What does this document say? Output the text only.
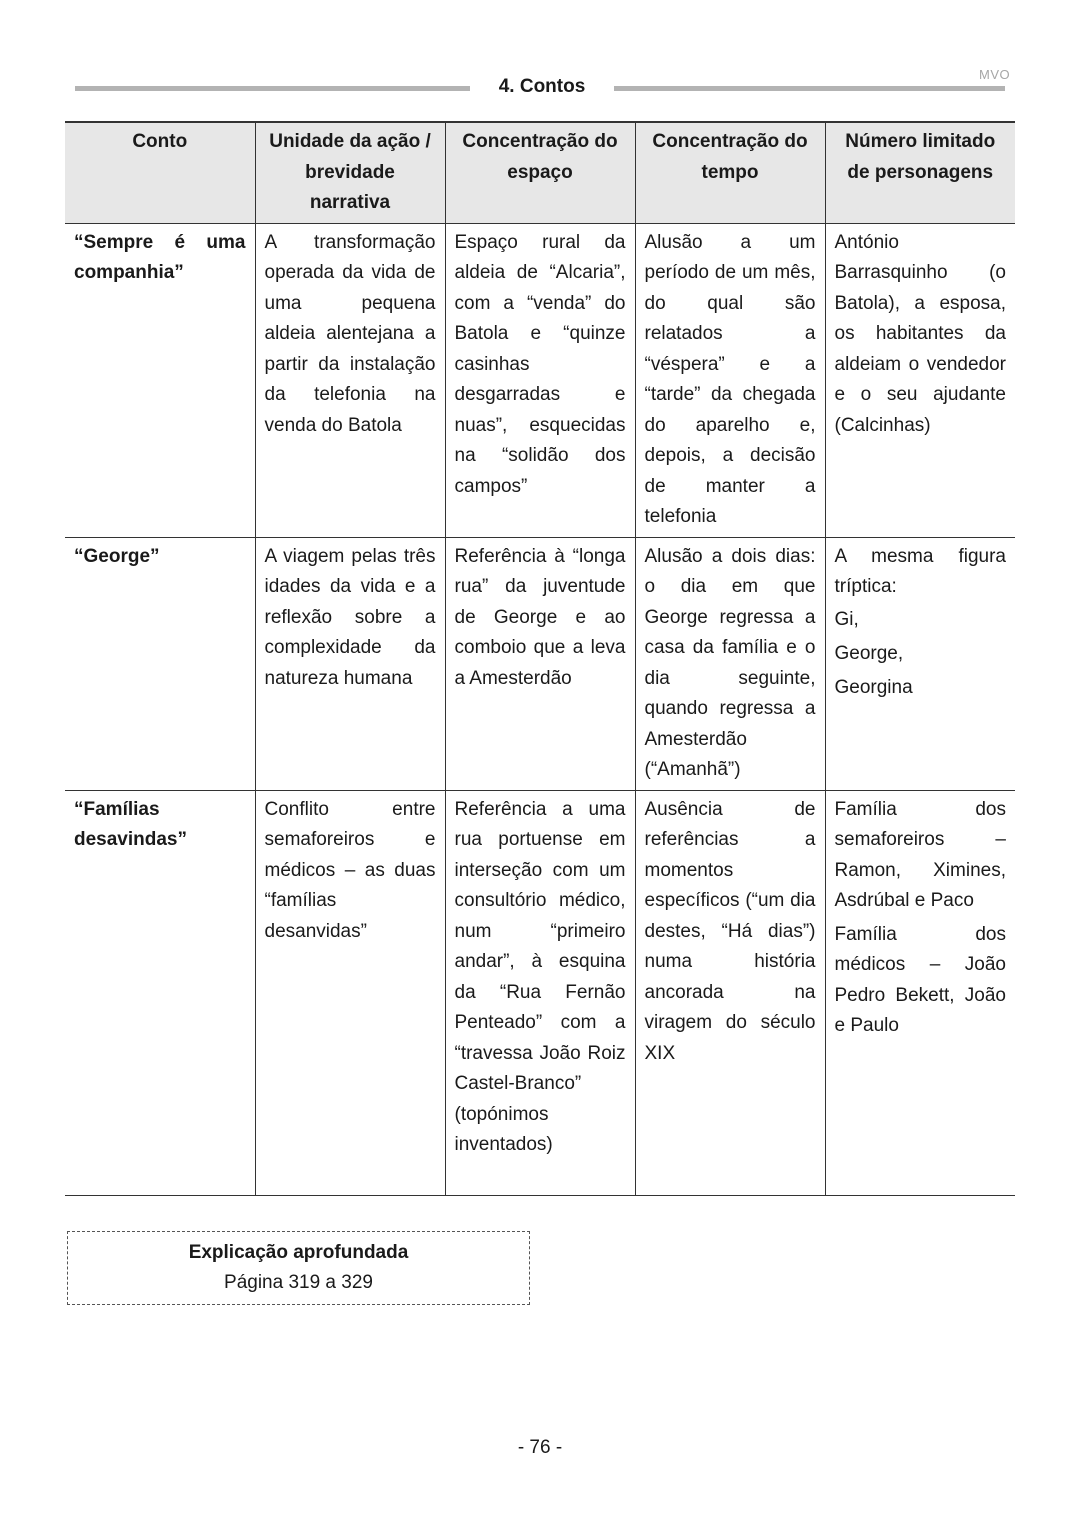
4. Contos
MVO
Conto	Unidade da ação / brevidade narrativa	Concentração do espaço	Concentração do tempo	Número limitado de personagens
“Sempre é uma companhia”	A transformação operada da vida de uma pequena aldeia alentejana a partir da instalação da telefonia na venda do Batola	Espaço rural da aldeia de “Alcaria”, com a “venda” do Batola e “quinze casinhas desgarradas e nuas”, esquecidas na “solidão dos campos”	Alusão a um período de um mês, do qual são relatados a “véspera” e a “tarde” da chegada do aparelho e, depois, a decisão de manter a telefonia	António Barrasquinho (o Batola), a esposa, os habitantes da aldeiam o vendedor e o seu ajudante (Calcinhas)

“George”	A viagem pelas três idades da vida e a reflexão sobre a complexidade da natureza humana	Referência à “longa rua” da juventude de George e ao comboio que a leva a Amesterdão	Alusão a dois dias: o dia em que George regressa a casa da família e o dia seguinte, quando regressa a Amesterdão (“Amanhã”)	A mesma figura tríptica:
Gi,
George,
Georgina

“Famílias desavindas”	Conflito entre semaforeiros e médicos – as duas “famílias desanvidas”	Referência a uma rua portuense em interseção com um consultório médico, num “primeiro andar”, à esquina da “Rua Fernão Penteado” com a “travessa João Roiz Castel-Branco” (topónimos inventados)	Ausência de referências a momentos específicos (“um dia destes, “Há dias”) numa história ancorada na viragem do século XIX	Família dos semaforeiros – Ramon, Ximines, Asdrúbal e Paco
Família dos médicos – João Pedro Bekett, João e Paulo
Explicação aprofundada
Página 319 a 329
- 76 -
